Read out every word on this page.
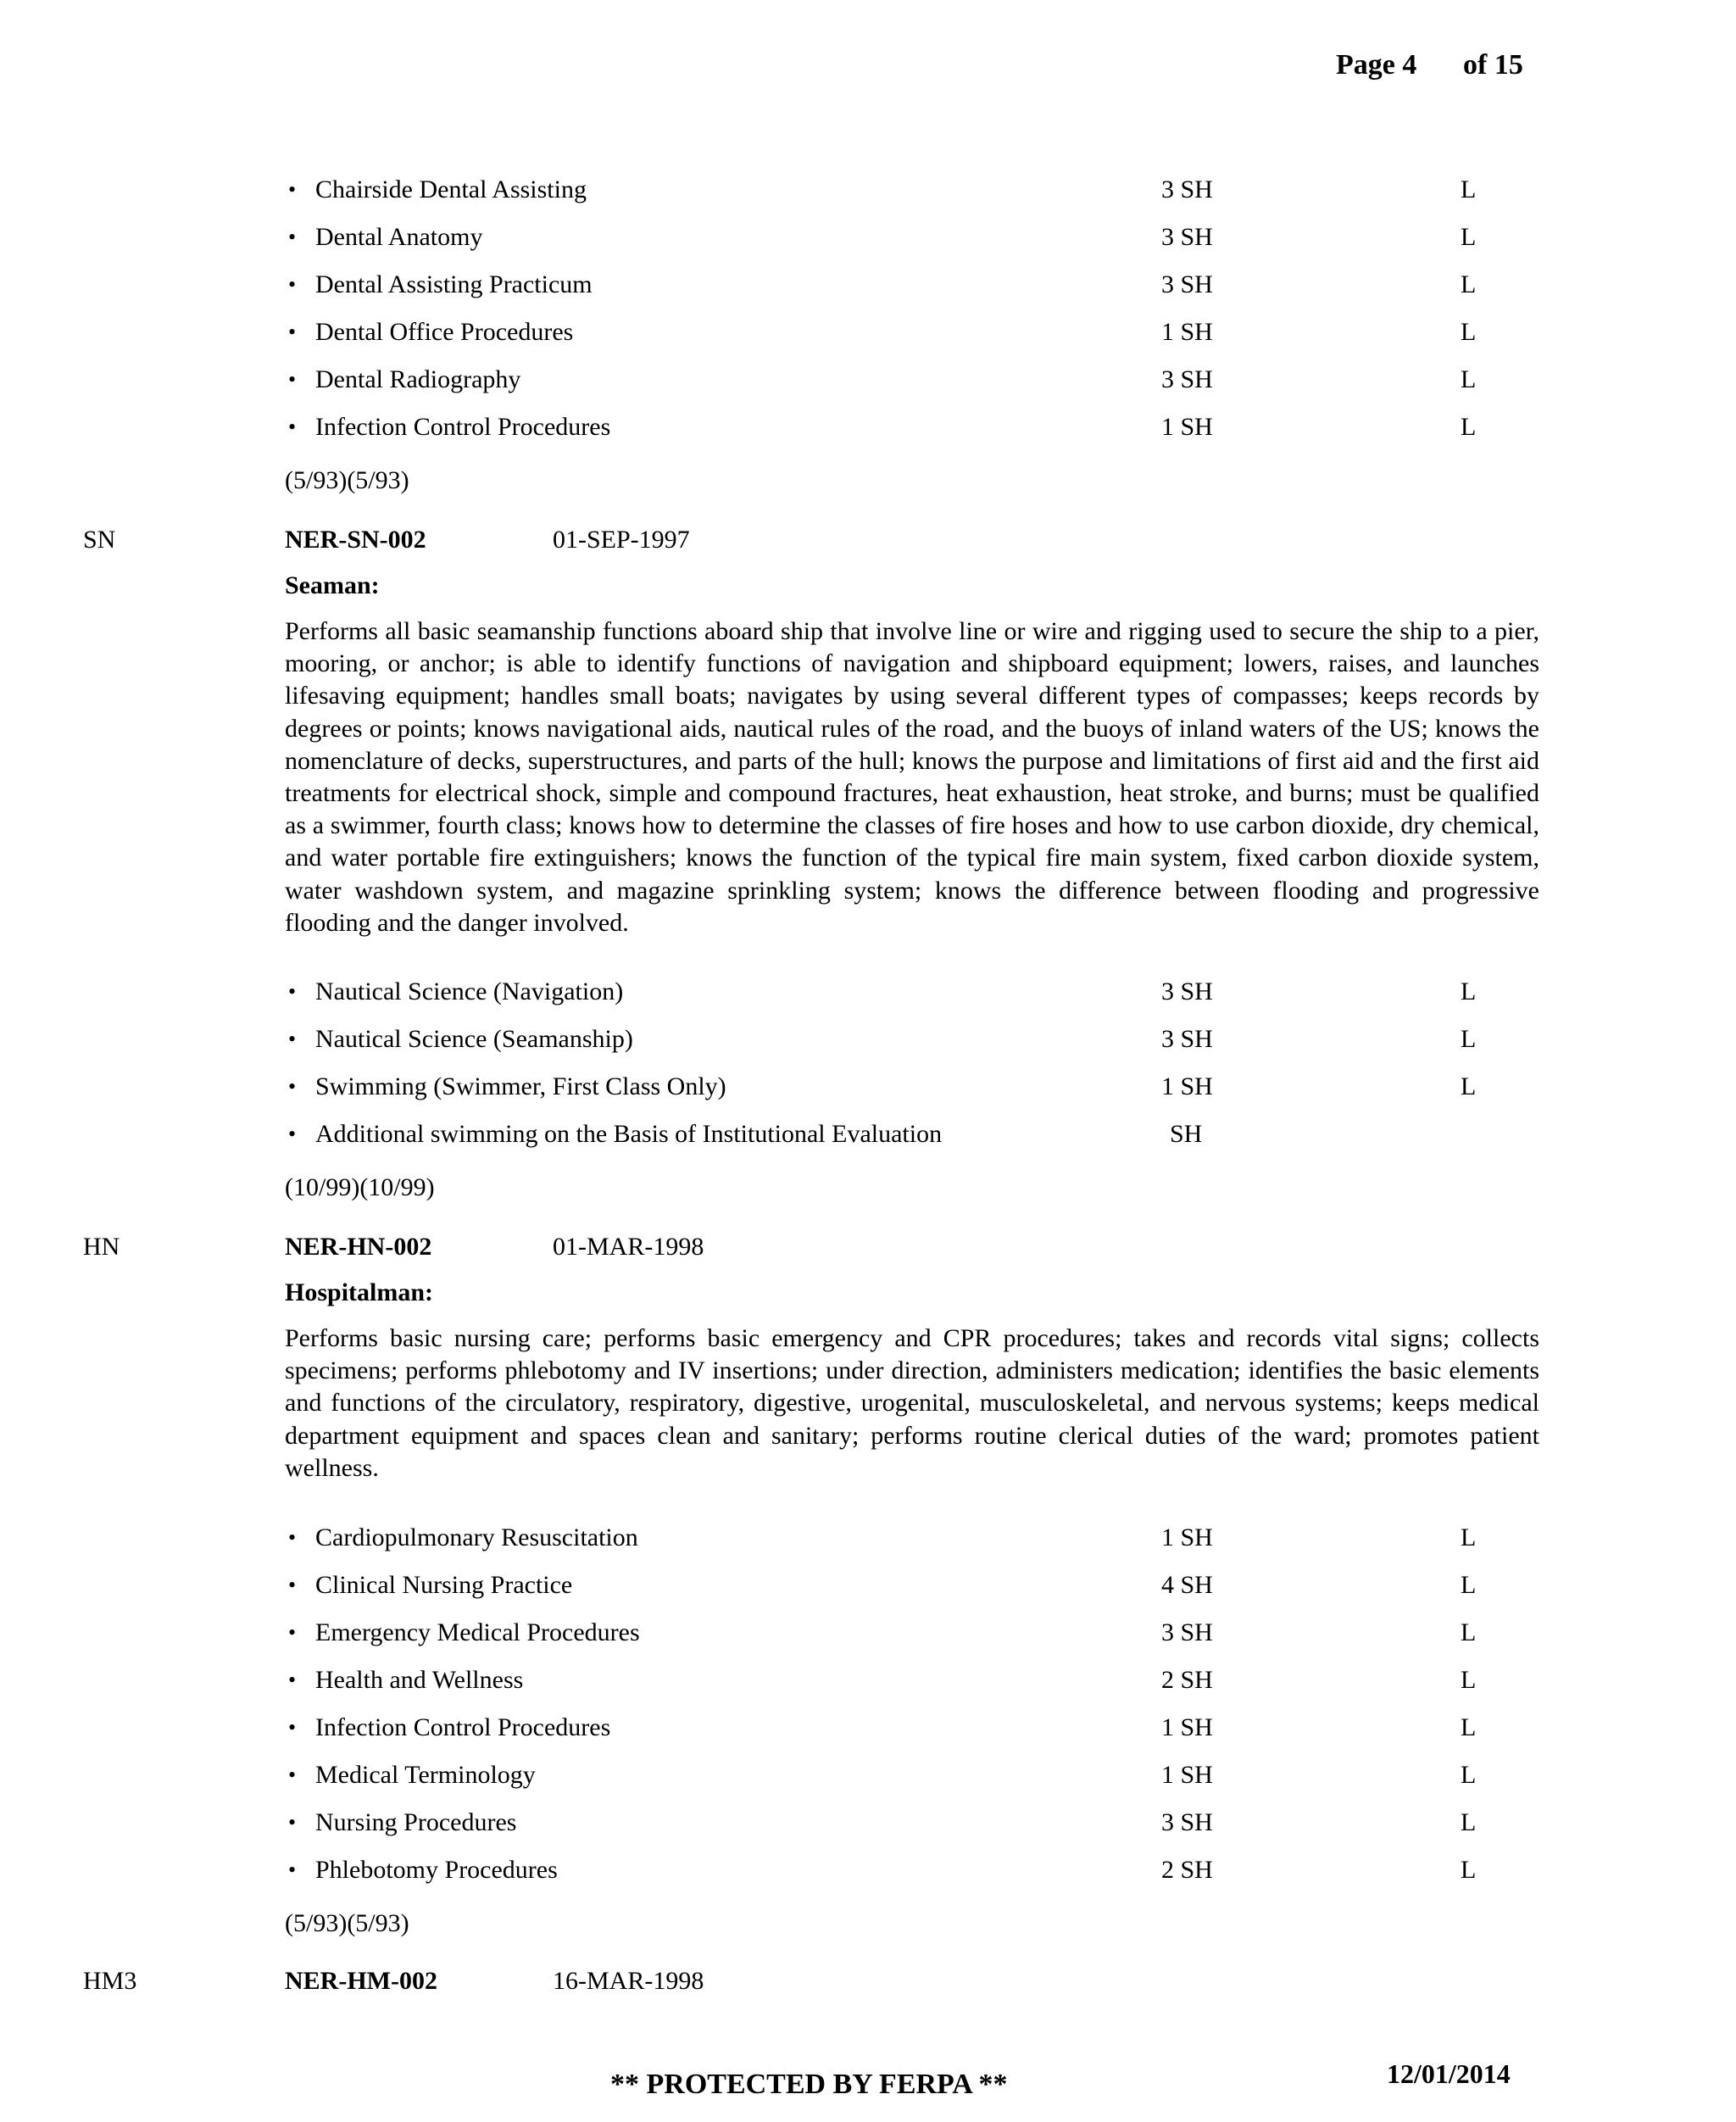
Page 4 of 15
• Chairside Dental Assisting	3 SH	L
• Dental Anatomy	3 SH	L
• Dental Assisting Practicum	3 SH	L
• Dental Office Procedures	1 SH	L
• Dental Radiography	3 SH	L
• Infection Control Procedures	1 SH	L
(5/93)(5/93)
SN	NER-SN-002	01-SEP-1997
Seaman:

Performs all basic seamanship functions aboard ship that involve line or wire and rigging used to secure the ship to a pier, mooring, or anchor; is able to identify functions of navigation and shipboard equipment; lowers, raises, and launches lifesaving equipment; handles small boats; navigates by using several different types of compasses; keeps records by degrees or points; knows navigational aids, nautical rules of the road, and the buoys of inland waters of the US; knows the nomenclature of decks, superstructures, and parts of the hull; knows the purpose and limitations of first aid and the first aid treatments for electrical shock, simple and compound fractures, heat exhaustion, heat stroke, and burns; must be qualified as a swimmer, fourth class; knows how to determine the classes of fire hoses and how to use carbon dioxide, dry chemical, and water portable fire extinguishers; knows the function of the typical fire main system, fixed carbon dioxide system, water washdown system, and magazine sprinkling system; knows the difference between flooding and progressive flooding and the danger involved.

• Nautical Science (Navigation)	3 SH	L
• Nautical Science (Seamanship)	3 SH	L
• Swimming (Swimmer, First Class Only)	1 SH	L
• Additional swimming on the Basis of Institutional Evaluation	SH
(10/99)(10/99)
HN	NER-HN-002	01-MAR-1998
Hospitalman:

Performs basic nursing care; performs basic emergency and CPR procedures; takes and records vital signs; collects specimens; performs phlebotomy and IV insertions; under direction, administers medication; identifies the basic elements and functions of the circulatory, respiratory, digestive, urogenital, musculoskeletal, and nervous systems; keeps medical department equipment and spaces clean and sanitary; performs routine clerical duties of the ward; promotes patient wellness.

• Cardiopulmonary Resuscitation	1 SH	L
• Clinical Nursing Practice	4 SH	L
• Emergency Medical Procedures	3 SH	L
• Health and Wellness	2 SH	L
• Infection Control Procedures	1 SH	L
• Medical Terminology	1 SH	L
• Nursing Procedures	3 SH	L
• Phlebotomy Procedures	2 SH	L
(5/93)(5/93)
HM3	NER-HM-002	16-MAR-1998
12/01/2014
** PROTECTED BY FERPA **
